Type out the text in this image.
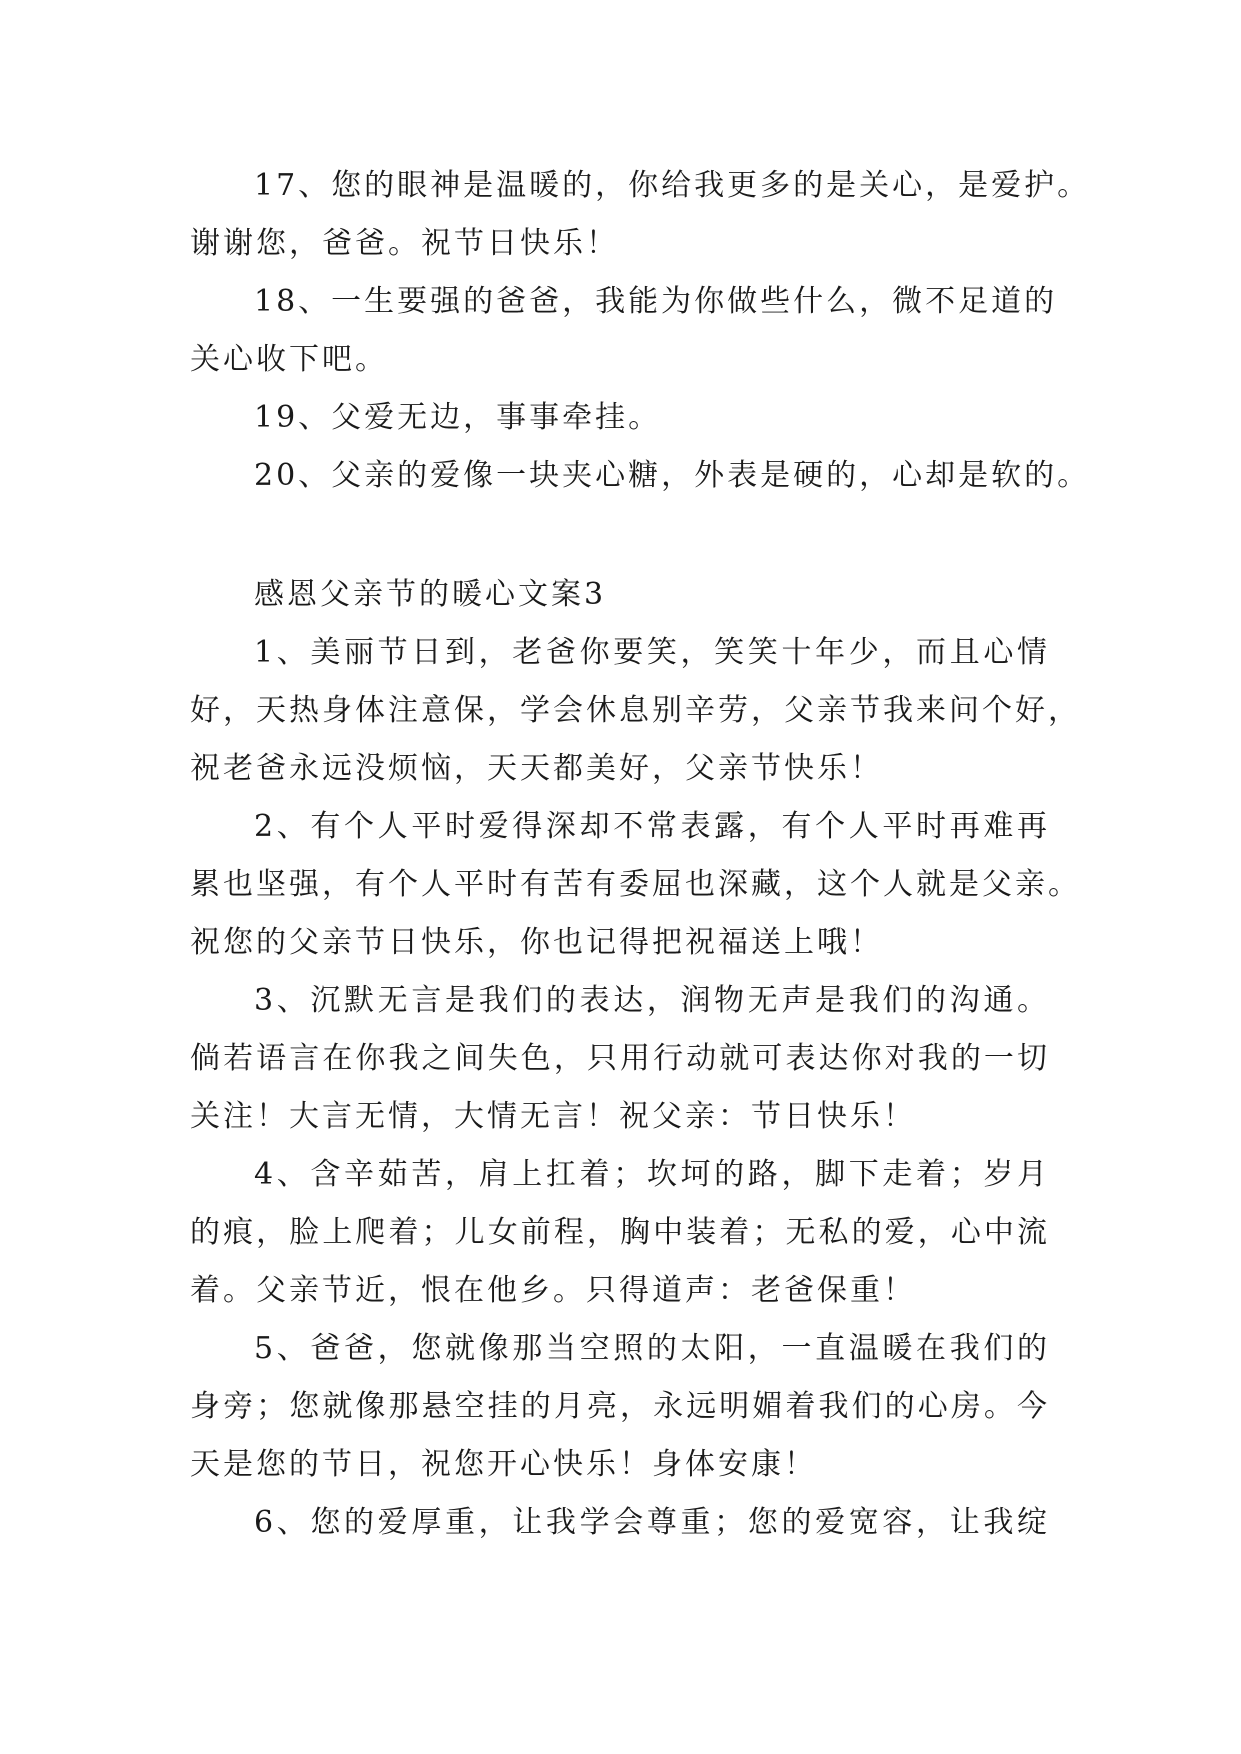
17、您的眼神是温暖的，你给我更多的是关心，是爱护。

谢谢您，爸爸。祝节日快乐！

18、一生要强的爸爸，我能为你做些什么，微不足道的

关心收下吧。

19、父爱无边，事事牵挂。

20、父亲的爱像一块夹心糖，外表是硬的，心却是软的。

感恩父亲节的暖心文案3

1、美丽节日到，老爸你要笑，笑笑十年少，而且心情

好，天热身体注意保，学会休息别辛劳，父亲节我来问个好，

祝老爸永远没烦恼，天天都美好，父亲节快乐！

2、有个人平时爱得深却不常表露，有个人平时再难再

累也坚强，有个人平时有苦有委屈也深藏，这个人就是父亲。

祝您的父亲节日快乐，你也记得把祝福送上哦！

3、沉默无言是我们的表达，润物无声是我们的沟通。

倘若语言在你我之间失色，只用行动就可表达你对我的一切

关注！大言无情，大情无言！祝父亲：节日快乐！

4、含辛茹苦，肩上扛着；坎坷的路，脚下走着；岁月

的痕，脸上爬着；儿女前程，胸中装着；无私的爱，心中流

着。父亲节近，恨在他乡。只得道声：老爸保重！

5、爸爸，您就像那当空照的太阳，一直温暖在我们的

身旁；您就像那悬空挂的月亮，永远明媚着我们的心房。今

天是您的节日，祝您开心快乐！身体安康！

6、您的爱厚重，让我学会尊重；您的爱宽容，让我绽
